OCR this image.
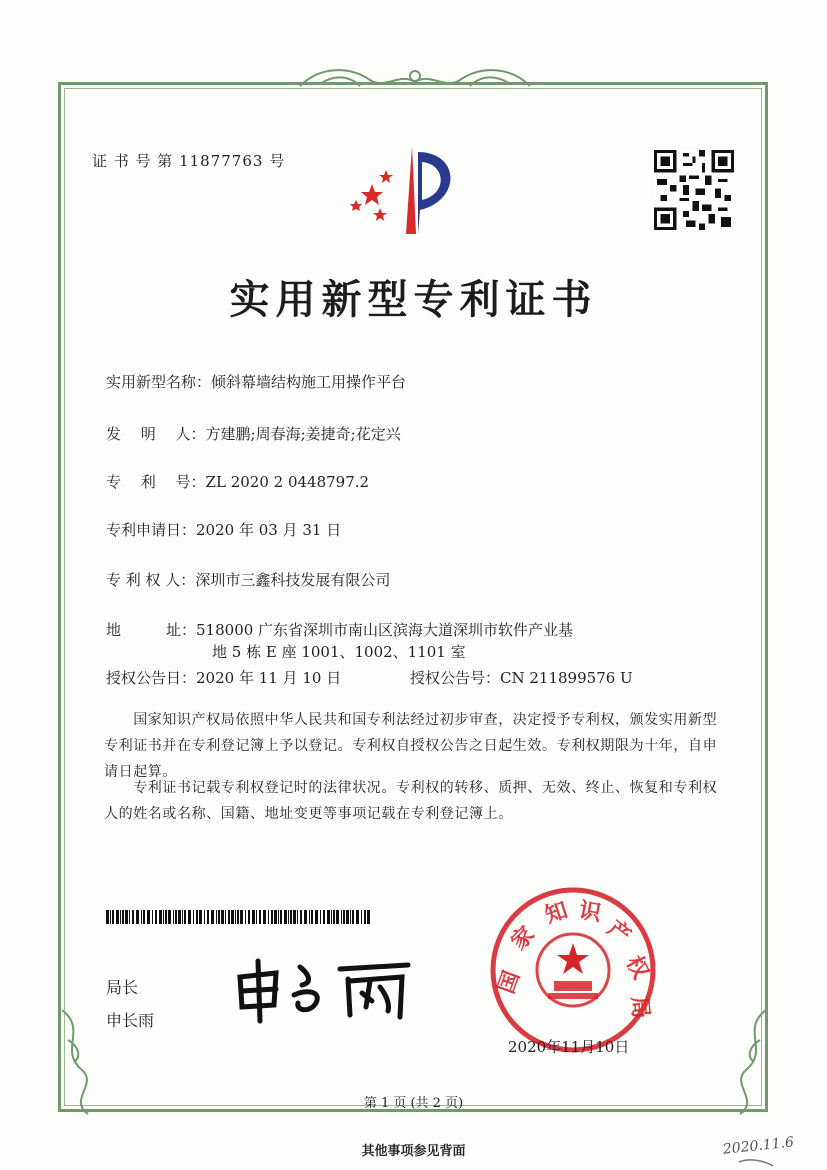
证 书 号 第 11877763 号
实用新型专利证书
实用新型名称：倾斜幕墙结构施工用操作平台
发　 明 　人：方建鹏;周春海;姜捷奇;花定兴
专　 利　 号：ZL 2020 2 0448797.2
专利申请日：2020 年 03 月 31 日
专 利 权 人：深圳市三鑫科技发展有限公司
地　　　址：518000 广东省深圳市南山区滨海大道深圳市软件产业基
地 5 栋 E 座 1001、1002、1101 室
授权公告日：2020 年 11 月 10 日	授权公告号：CN 211899576 U
　　国家知识产权局依照中华人民共和国专利法经过初步审查，决定授予专利权，颁发实用新型专利证书并在专利登记簿上予以登记。专利权自授权公告之日起生效。专利权期限为十年，自申请日起算。
　　专利证书记载专利权登记时的法律状况。专利权的转移、质押、无效、终止、恢复和专利权人的姓名或名称、国籍、地址变更等事项记载在专利登记簿上。
局长
申长雨
国
家
知 识
产
权
局
2020年11月10日
第 1 页 (共 2 页)
其他事项参见背面	2020.11.6
